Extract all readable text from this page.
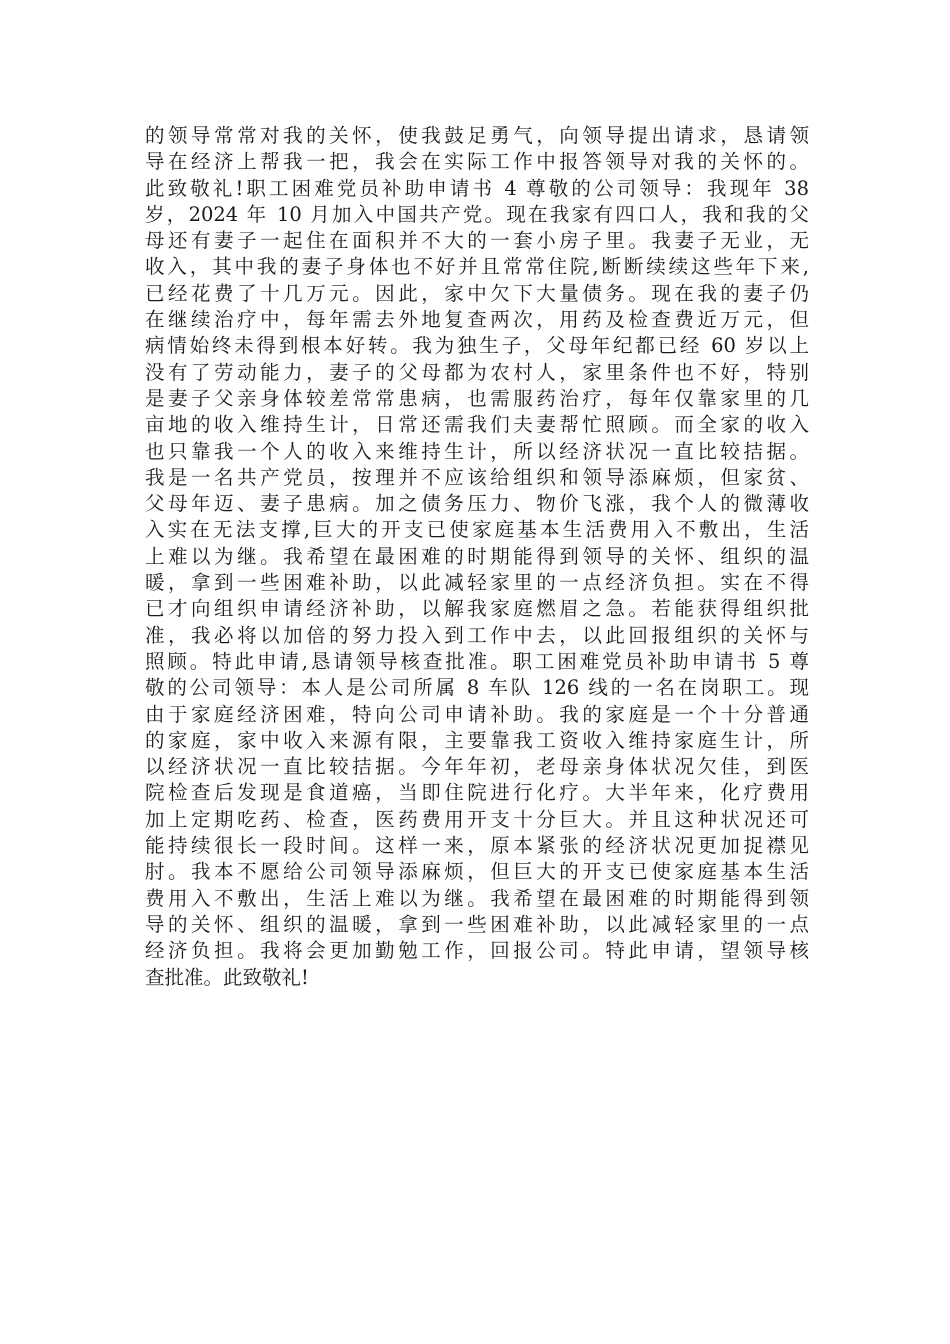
的领导常常对我的关怀，使我鼓足勇气，向领导提出请求，恳请领
导在经济上帮我一把，我会在实际工作中报答领导对我的关怀的。
此致敬礼!职工困难党员补助申请书 4 尊敬的公司领导：我现年 38
岁，2024 年 10 月加入中国共产党。现在我家有四口人，我和我的父
母还有妻子一起住在面积并不大的一套小房子里。我妻子无业，无
收入，其中我的妻子身体也不好并且常常住院,断断续续这些年下来,
已经花费了十几万元。因此，家中欠下大量债务。现在我的妻子仍
在继续治疗中，每年需去外地复查两次，用药及检查费近万元，但
病情始终未得到根本好转。我为独生子，父母年纪都已经 60 岁以上
没有了劳动能力，妻子的父母都为农村人，家里条件也不好，特别
是妻子父亲身体较差常常患病，也需服药治疗，每年仅靠家里的几
亩地的收入维持生计，日常还需我们夫妻帮忙照顾。而全家的收入
也只靠我一个人的收入来维持生计，所以经济状况一直比较拮据。
我是一名共产党员，按理并不应该给组织和领导添麻烦，但家贫、
父母年迈、妻子患病。加之债务压力、物价飞涨，我个人的微薄收
入实在无法支撑,巨大的开支已使家庭基本生活费用入不敷出，生活
上难以为继。我希望在最困难的时期能得到领导的关怀、组织的温
暖，拿到一些困难补助，以此减轻家里的一点经济负担。实在不得
已才向组织申请经济补助，以解我家庭燃眉之急。若能获得组织批
准，我必将以加倍的努力投入到工作中去，以此回报组织的关怀与
照顾。特此申请,恳请领导核查批准。职工困难党员补助申请书 5 尊
敬的公司领导：本人是公司所属 8 车队 126 线的一名在岗职工。现
由于家庭经济困难，特向公司申请补助。我的家庭是一个十分普通
的家庭，家中收入来源有限，主要靠我工资收入维持家庭生计，所
以经济状况一直比较拮据。今年年初，老母亲身体状况欠佳，到医
院检查后发现是食道癌，当即住院进行化疗。大半年来，化疗费用
加上定期吃药、检查，医药费用开支十分巨大。并且这种状况还可
能持续很长一段时间。这样一来，原本紧张的经济状况更加捉襟见
肘。我本不愿给公司领导添麻烦，但巨大的开支已使家庭基本生活
费用入不敷出，生活上难以为继。我希望在最困难的时期能得到领
导的关怀、组织的温暖，拿到一些困难补助，以此减轻家里的一点
经济负担。我将会更加勤勉工作，回报公司。特此申请，望领导核
查批准。此致敬礼!
